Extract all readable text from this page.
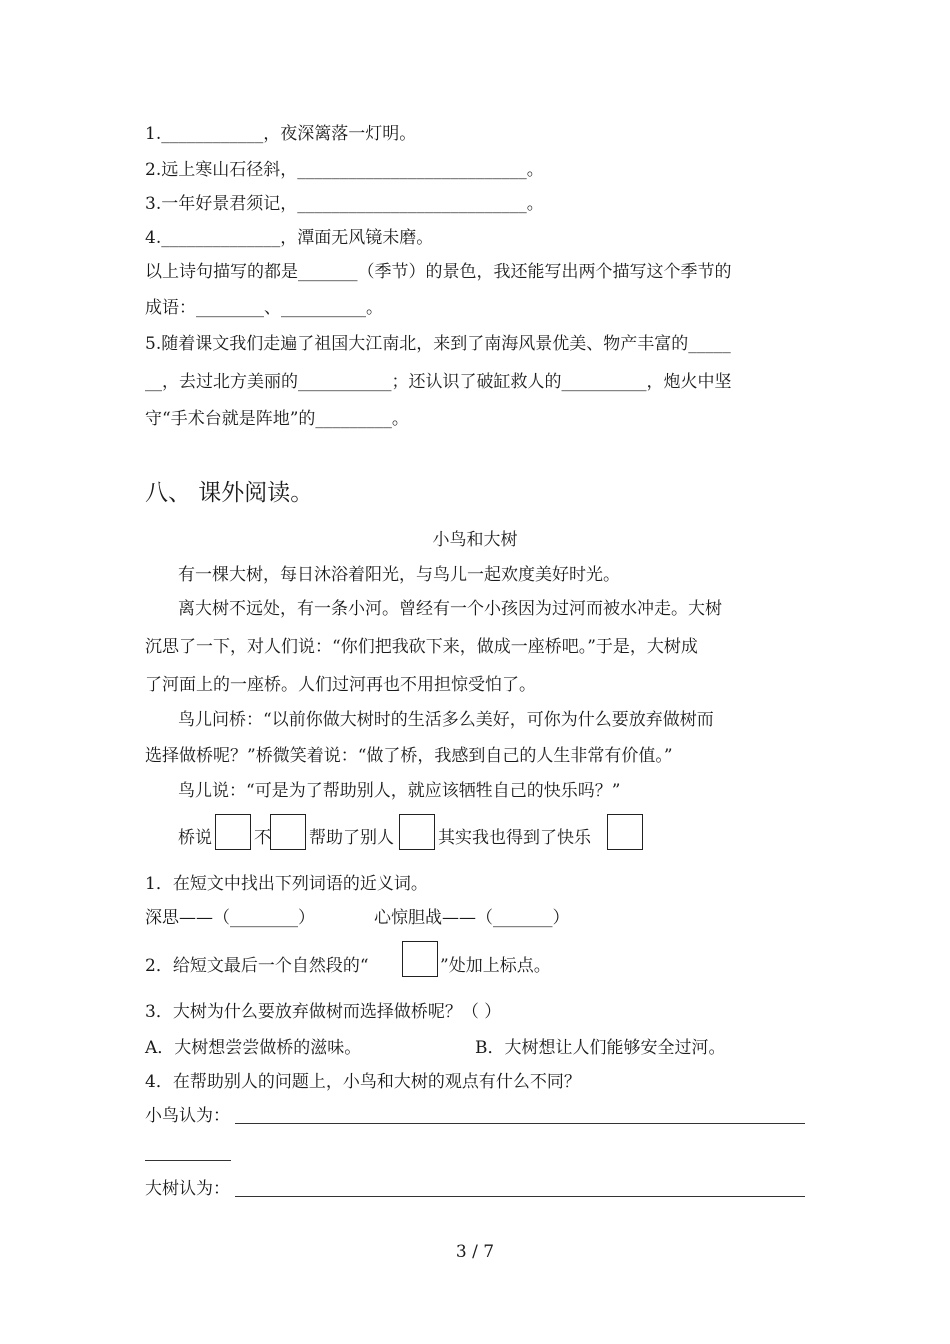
1.____________，夜深篱落一灯明。
2.远上寒山石径斜，___________________________。
3.一年好景君须记，___________________________。
4.______________，潭面无风镜未磨。
以上诗句描写的都是_______（季节）的景色，我还能写出两个描写这个季节的
成语：________、__________。
5.随着课文我们走遍了祖国大江南北，来到了南海风景优美、物产丰富的_____
__，去过北方美丽的___________；还认识了破缸救人的__________，炮火中坚
守“手术台就是阵地”的_________。
八、 课外阅读。
小鸟和大树
有一棵大树，每日沐浴着阳光，与鸟儿一起欢度美好时光。
离大树不远处，有一条小河。曾经有一个小孩因为过河而被水冲走。大树
沉思了一下，对人们说：“你们把我砍下来，做成一座桥吧。”于是，大树成
了河面上的一座桥。人们过河再也不用担惊受怕了。
鸟儿问桥：“以前你做大树时的生活多么美好，可你为什么要放弃做树而
选择做桥呢？”桥微笑着说：“做了桥，我感到自己的人生非常有价值。”
鸟儿说：“可是为了帮助别人，就应该牺牲自己的快乐吗？”
桥说 不 帮助了别人	其实我也得到了快乐
1．在短文中找出下列词语的近义词。
深思——（________）	心惊胆战——（_______）
2．给短文最后一个自然段的“	”处加上标点。
3．大树为什么要放弃做树而选择做桥呢？（ ）
A．大树想尝尝做桥的滋味。	B．大树想让人们能够安全过河。
4．在帮助别人的问题上，小鸟和大树的观点有什么不同？
小鸟认为：
大树认为：
3 / 7
